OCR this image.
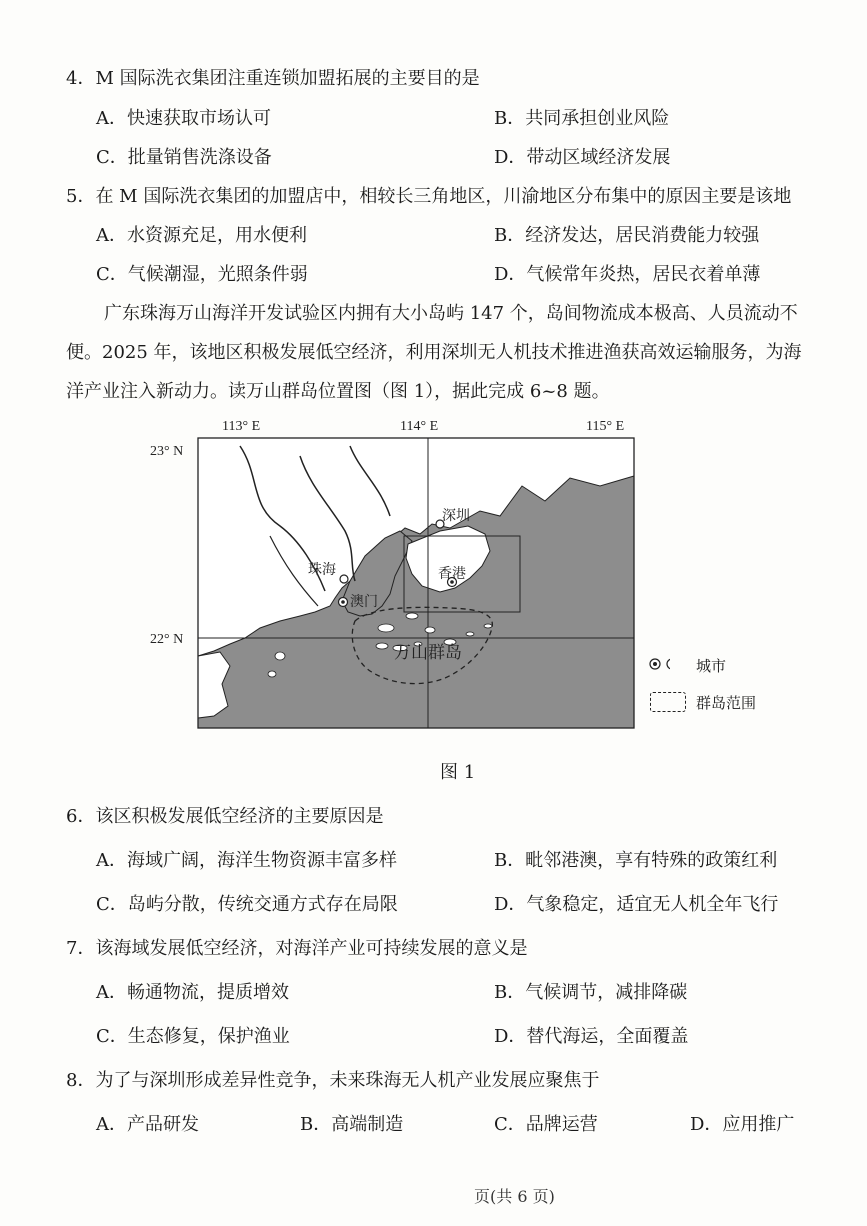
4．M 国际洗衣集团注重连锁加盟拓展的主要目的是
A．快速获取市场认可	B．共同承担创业风险
C．批量销售洗涤设备	D．带动区域经济发展
5．在 M 国际洗衣集团的加盟店中，相较长三角地区，川渝地区分布集中的原因主要是该地
A．水资源充足，用水便利	B．经济发达，居民消费能力较强
C．气候潮湿，光照条件弱	D．气候常年炎热，居民衣着单薄
广东珠海万山海洋开发试验区内拥有大小岛屿 147 个，岛间物流成本极高、人员流动不
便。2025 年，该地区积极发展低空经济，利用深圳无人机技术推进渔获高效运输服务，为海
洋产业注入新动力。读万山群岛位置图（图 1），据此完成 6~8 题。
113° E	114° E	115° E
23° N
22° N
深圳
珠海
澳门
香港
万山群岛
城市
群岛范围
图 1
6．该区积极发展低空经济的主要原因是
A．海域广阔，海洋生物资源丰富多样	B．毗邻港澳，享有特殊的政策红利
C．岛屿分散，传统交通方式存在局限	D．气象稳定，适宜无人机全年飞行
7．该海域发展低空经济，对海洋产业可持续发展的意义是
A．畅通物流，提质增效	B．气候调节，减排降碳
C．生态修复，保护渔业	D．替代海运，全面覆盖
8．为了与深圳形成差异性竞争，未来珠海无人机产业发展应聚焦于
A．产品研发	B．高端制造	C．品牌运营	D．应用推广
页(共 6 页)
